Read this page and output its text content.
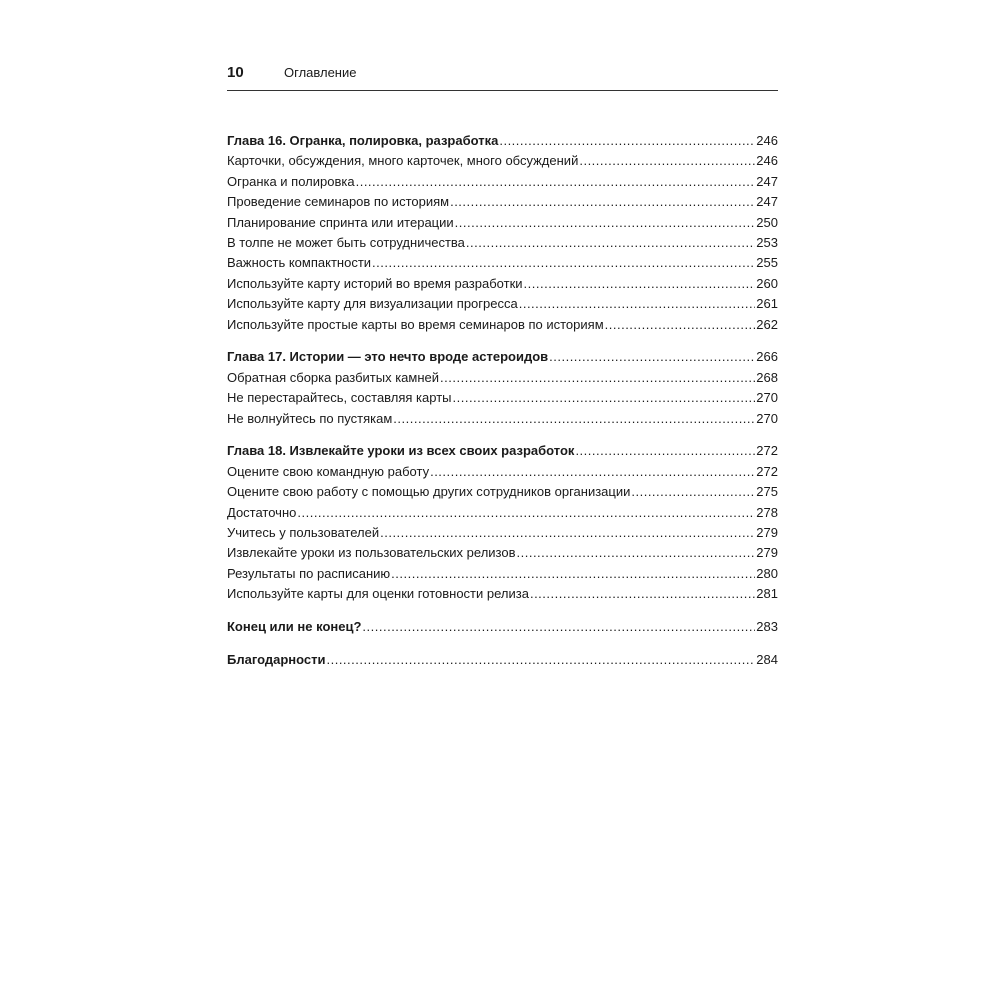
10	Оглавление
Глава 16. Огранка, полировка, разработка .....	246
Карточки, обсуждения, много карточек, много обсуждений .....	246
Огранка и полировка .....	247
Проведение семинаров по историям .....	247
Планирование спринта или итерации .....	250
В толпе не может быть сотрудничества .....	253
Важность компактности .....	255
Используйте карту историй во время разработки .....	260
Используйте карту для визуализации прогресса .....	261
Используйте простые карты во время семинаров по историям .....	262
Глава 17. Истории — это нечто вроде астероидов .....	266
Обратная сборка разбитых камней .....	268
Не перестарайтесь, составляя карты .....	270
Не волнуйтесь по пустякам .....	270
Глава 18. Извлекайте уроки из всех своих разработок .....	272
Оцените свою командную работу .....	272
Оцените свою работу с помощью других сотрудников организации .....	275
Достаточно .....	278
Учитесь у пользователей .....	279
Извлекайте уроки из пользовательских релизов .....	279
Результаты по расписанию .....	280
Используйте карты для оценки готовности релиза .....	281
Конец или не конец? .....	283
Благодарности .....	284
